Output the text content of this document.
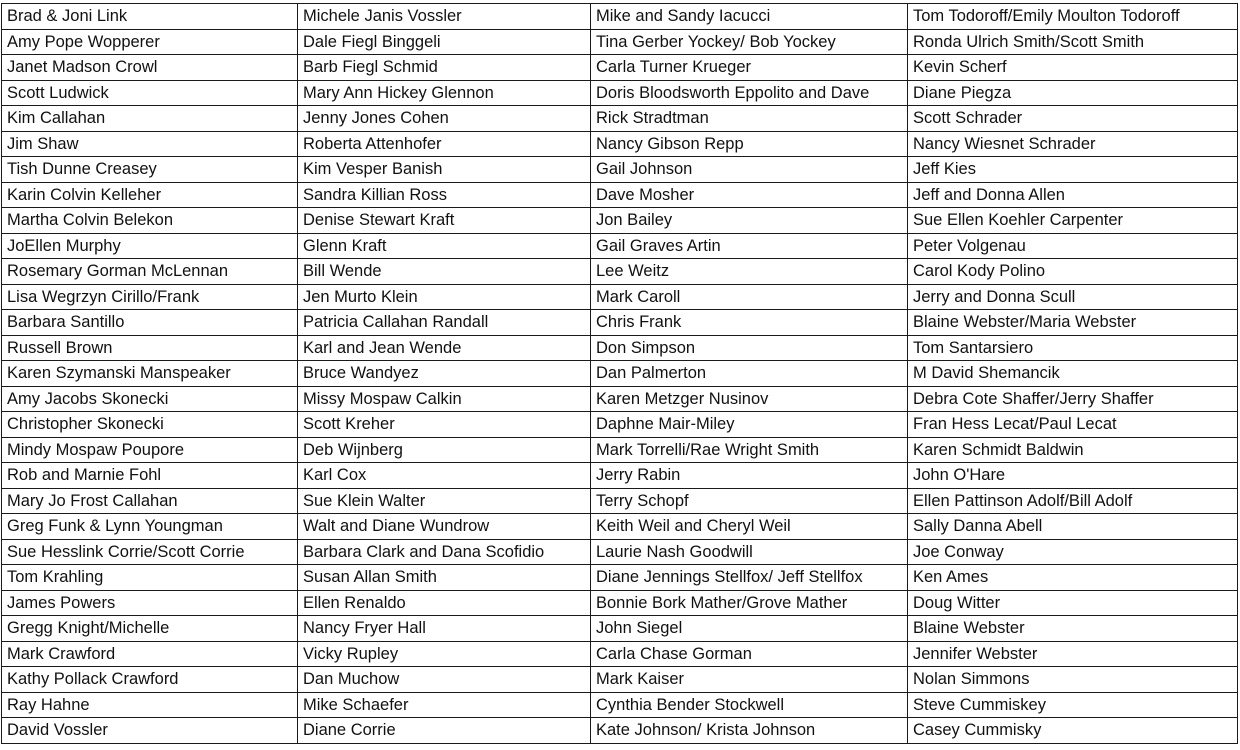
Brad & Joni Link	Michele Janis Vossler	Mike and Sandy Iacucci	Tom Todoroff/Emily Moulton Todoroff
Amy Pope Wopperer	Dale Fiegl Binggeli	Tina Gerber Yockey/ Bob Yockey	Ronda Ulrich Smith/Scott Smith
Janet Madson Crowl	Barb Fiegl Schmid	Carla Turner Krueger	Kevin Scherf
Scott Ludwick	Mary Ann Hickey Glennon	Doris Bloodsworth Eppolito and Dave	Diane Piegza
Kim Callahan	Jenny Jones Cohen	Rick Stradtman	Scott Schrader
Jim Shaw	Roberta Attenhofer	Nancy Gibson Repp	Nancy Wiesnet Schrader
Tish Dunne Creasey	Kim Vesper Banish	Gail Johnson	Jeff Kies
Karin Colvin Kelleher	Sandra Killian Ross	Dave Mosher	Jeff and Donna Allen
Martha Colvin Belekon	Denise Stewart Kraft	Jon Bailey	Sue Ellen Koehler Carpenter
JoEllen Murphy	Glenn Kraft	Gail Graves Artin	Peter Volgenau
Rosemary Gorman McLennan	Bill Wende	Lee Weitz	Carol Kody Polino
Lisa Wegrzyn Cirillo/Frank	Jen Murto Klein	Mark Caroll	Jerry and Donna Scull
Barbara Santillo	Patricia Callahan Randall	Chris Frank	Blaine Webster/Maria Webster
Russell Brown	Karl and Jean Wende	Don Simpson	Tom Santarsiero
Karen Szymanski Manspeaker	Bruce Wandyez	Dan Palmerton	M David Shemancik
Amy Jacobs Skonecki	Missy Mospaw Calkin	Karen Metzger Nusinov	Debra Cote Shaffer/Jerry Shaffer
Christopher Skonecki	Scott Kreher	Daphne Mair-Miley	Fran Hess Lecat/Paul Lecat
Mindy Mospaw Poupore	Deb Wijnberg	Mark Torrelli/Rae Wright Smith	Karen Schmidt Baldwin
Rob and Marnie Fohl	Karl Cox	Jerry Rabin	John O'Hare
Mary Jo Frost Callahan	Sue Klein Walter	Terry Schopf	Ellen Pattinson Adolf/Bill Adolf
Greg Funk & Lynn Youngman	Walt and Diane Wundrow	Keith Weil and Cheryl Weil	Sally Danna Abell
Sue Hesslink Corrie/Scott Corrie	Barbara Clark and Dana Scofidio	Laurie Nash Goodwill	Joe Conway
Tom Krahling	Susan Allan Smith	Diane Jennings Stellfox/ Jeff Stellfox	Ken Ames
James Powers	Ellen Renaldo	Bonnie Bork Mather/Grove Mather	Doug Witter
Gregg Knight/Michelle	Nancy Fryer Hall	John Siegel	Blaine Webster
Mark Crawford	Vicky Rupley	Carla Chase Gorman	Jennifer Webster
Kathy Pollack Crawford	Dan Muchow	Mark Kaiser	Nolan Simmons
Ray Hahne	Mike Schaefer	Cynthia Bender Stockwell	Steve Cummiskey
David Vossler	Diane Corrie	Kate Johnson/ Krista Johnson	Casey Cummisky
